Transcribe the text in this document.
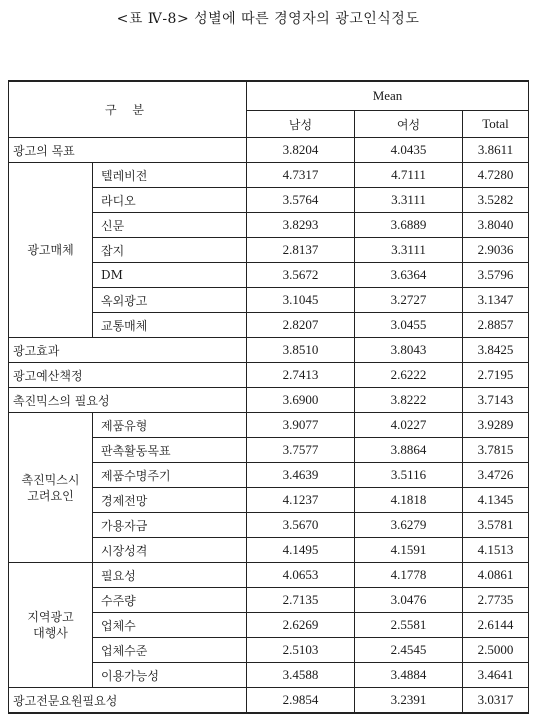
<표 Ⅳ-8> 성별에 따른 경영자의 광고인식정도
구 분		Mean		
		남성	여성	Total
광고의 목표		3.8204	4.0435	3.8611

광고매체	텔레비전	4.7317	4.7111	4.7280
	라디오	3.5764	3.3111	3.5282
	신문	3.8293	3.6889	3.8040
	잡지	2.8137	3.3111	2.9036
	DM	3.5672	3.6364	3.5796
	옥외광고	3.1045	3.2727	3.1347
	교통매체	2.8207	3.0455	2.8857
광고효과		3.8510	3.8043	3.8425
광고예산책정		2.7413	2.6222	2.7195
촉진믹스의 필요성		3.6900	3.8222	3.7143

촉진믹스시
고려요인	제품유형	3.9077	4.0227	3.9289
	판촉활동목표	3.7577	3.8864	3.7815
	제품수명주기	3.4639	3.5116	3.4726
	경제전망	4.1237	4.1818	4.1345
	가용자금	3.5670	3.6279	3.5781
	시장성격	4.1495	4.1591	4.1513

지역광고
대행사	필요성	4.0653	4.1778	4.0861
	수주량	2.7135	3.0476	2.7735
	업체수	2.6269	2.5581	2.6144
	업체수준	2.5103	2.4545	2.5000
	이용가능성	3.4588	3.4884	3.4641
광고전문요원필요성		2.9854	3.2391	3.0317
